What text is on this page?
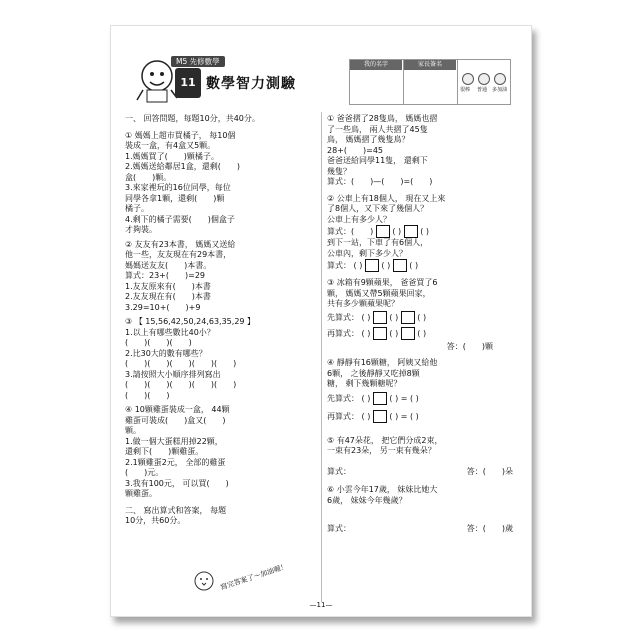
M5 先修數學
11 數學智力測驗
我的名字	家長簽名
很棒 普通 多加油
一、 回答問題，每題10分，共40分。
① 媽媽上超市買橘子， 每10個
裝成一盒，有4盒又5顆。
1.媽媽買了(　　)顆橘子。
2.媽媽送給鄰居1盒，還剩(　　)
盒(　　)顆。
3.來家裡玩的16位同學，每位
同學各拿1顆，還剩(　　)顆
橘子。
4.剩下的橘子需要(　　)個盒子
才夠裝。
② 友友有23本書， 媽媽又送給
他一些，友友現在有29本書，
媽媽送友友(　　)本書。
算式：23+(　　)=29
1.友友原來有(　　)本書
2.友友現在有(　　)本書
3.29=10+(　　)+9
③ 【 15,56,42,50,24,63,35,29 】
1.以上有哪些數比40小？
(　　)(　　)(　　)
2.比30大的數有哪些？
(　　)(　　)(　　)(　　)(　　)
3.請按照大小順序排列寫出
(　　)(　　)(　　)(　　)(　　)
(　　)(　　)
④ 10顆雞蛋裝成一盒， 44顆
雞蛋可裝成(　　)盒又(　　)
顆。
1.做一個大蛋糕用掉22顆，
還剩下(　　)顆雞蛋。
2.1顆雞蛋2元， 全部的雞蛋
(　　)元。
3.我有100元， 可以買(　　)
顆雞蛋。
二、 寫出算式和答案， 每題
10分，共60分。
寫完答案了～加油喔！
① 爸爸摺了28隻鳥， 媽媽也摺
了一些鳥， 兩人共摺了45隻
鳥， 媽媽摺了幾隻鳥？
28+(　　)=45
爸爸送給同學11隻， 還剩下
幾隻？
算式：(　　)—(　　)=(　　)
② 公車上有18個人， 現在又上來
了8個人，又下來了幾個人？
公車上有多少人？
算式：(　　)  ( )  ( )
到下一站，下車了有6個人，
公車內，剩下多少人？
算式： ( )  ( )  ( )
③ 冰箱有9顆蘋果， 爸爸買了6
顆， 媽媽又帶5顆蘋果回家，
共有多少顆蘋果呢？
先算式： ( )  ( )  ( )
再算式： ( )  ( )  ( )
答：(　　)顆
④ 靜靜有16顆糖， 阿姨又給他
6顆， 之後靜靜又吃掉8顆
糖， 剩下幾顆糖呢？
先算式： ( )  ( ) = ( )
再算式： ( )  ( ) = ( )
⑤ 有47朵花， 把它們分成2束，
一束有23朵， 另一束有幾朵？
算式：	答：(　　)朵
⑥ 小雲今年17歲， 妹妹比她大
6歲， 妹妹今年幾歲？
算式：	答：(　　)歲
—11—
